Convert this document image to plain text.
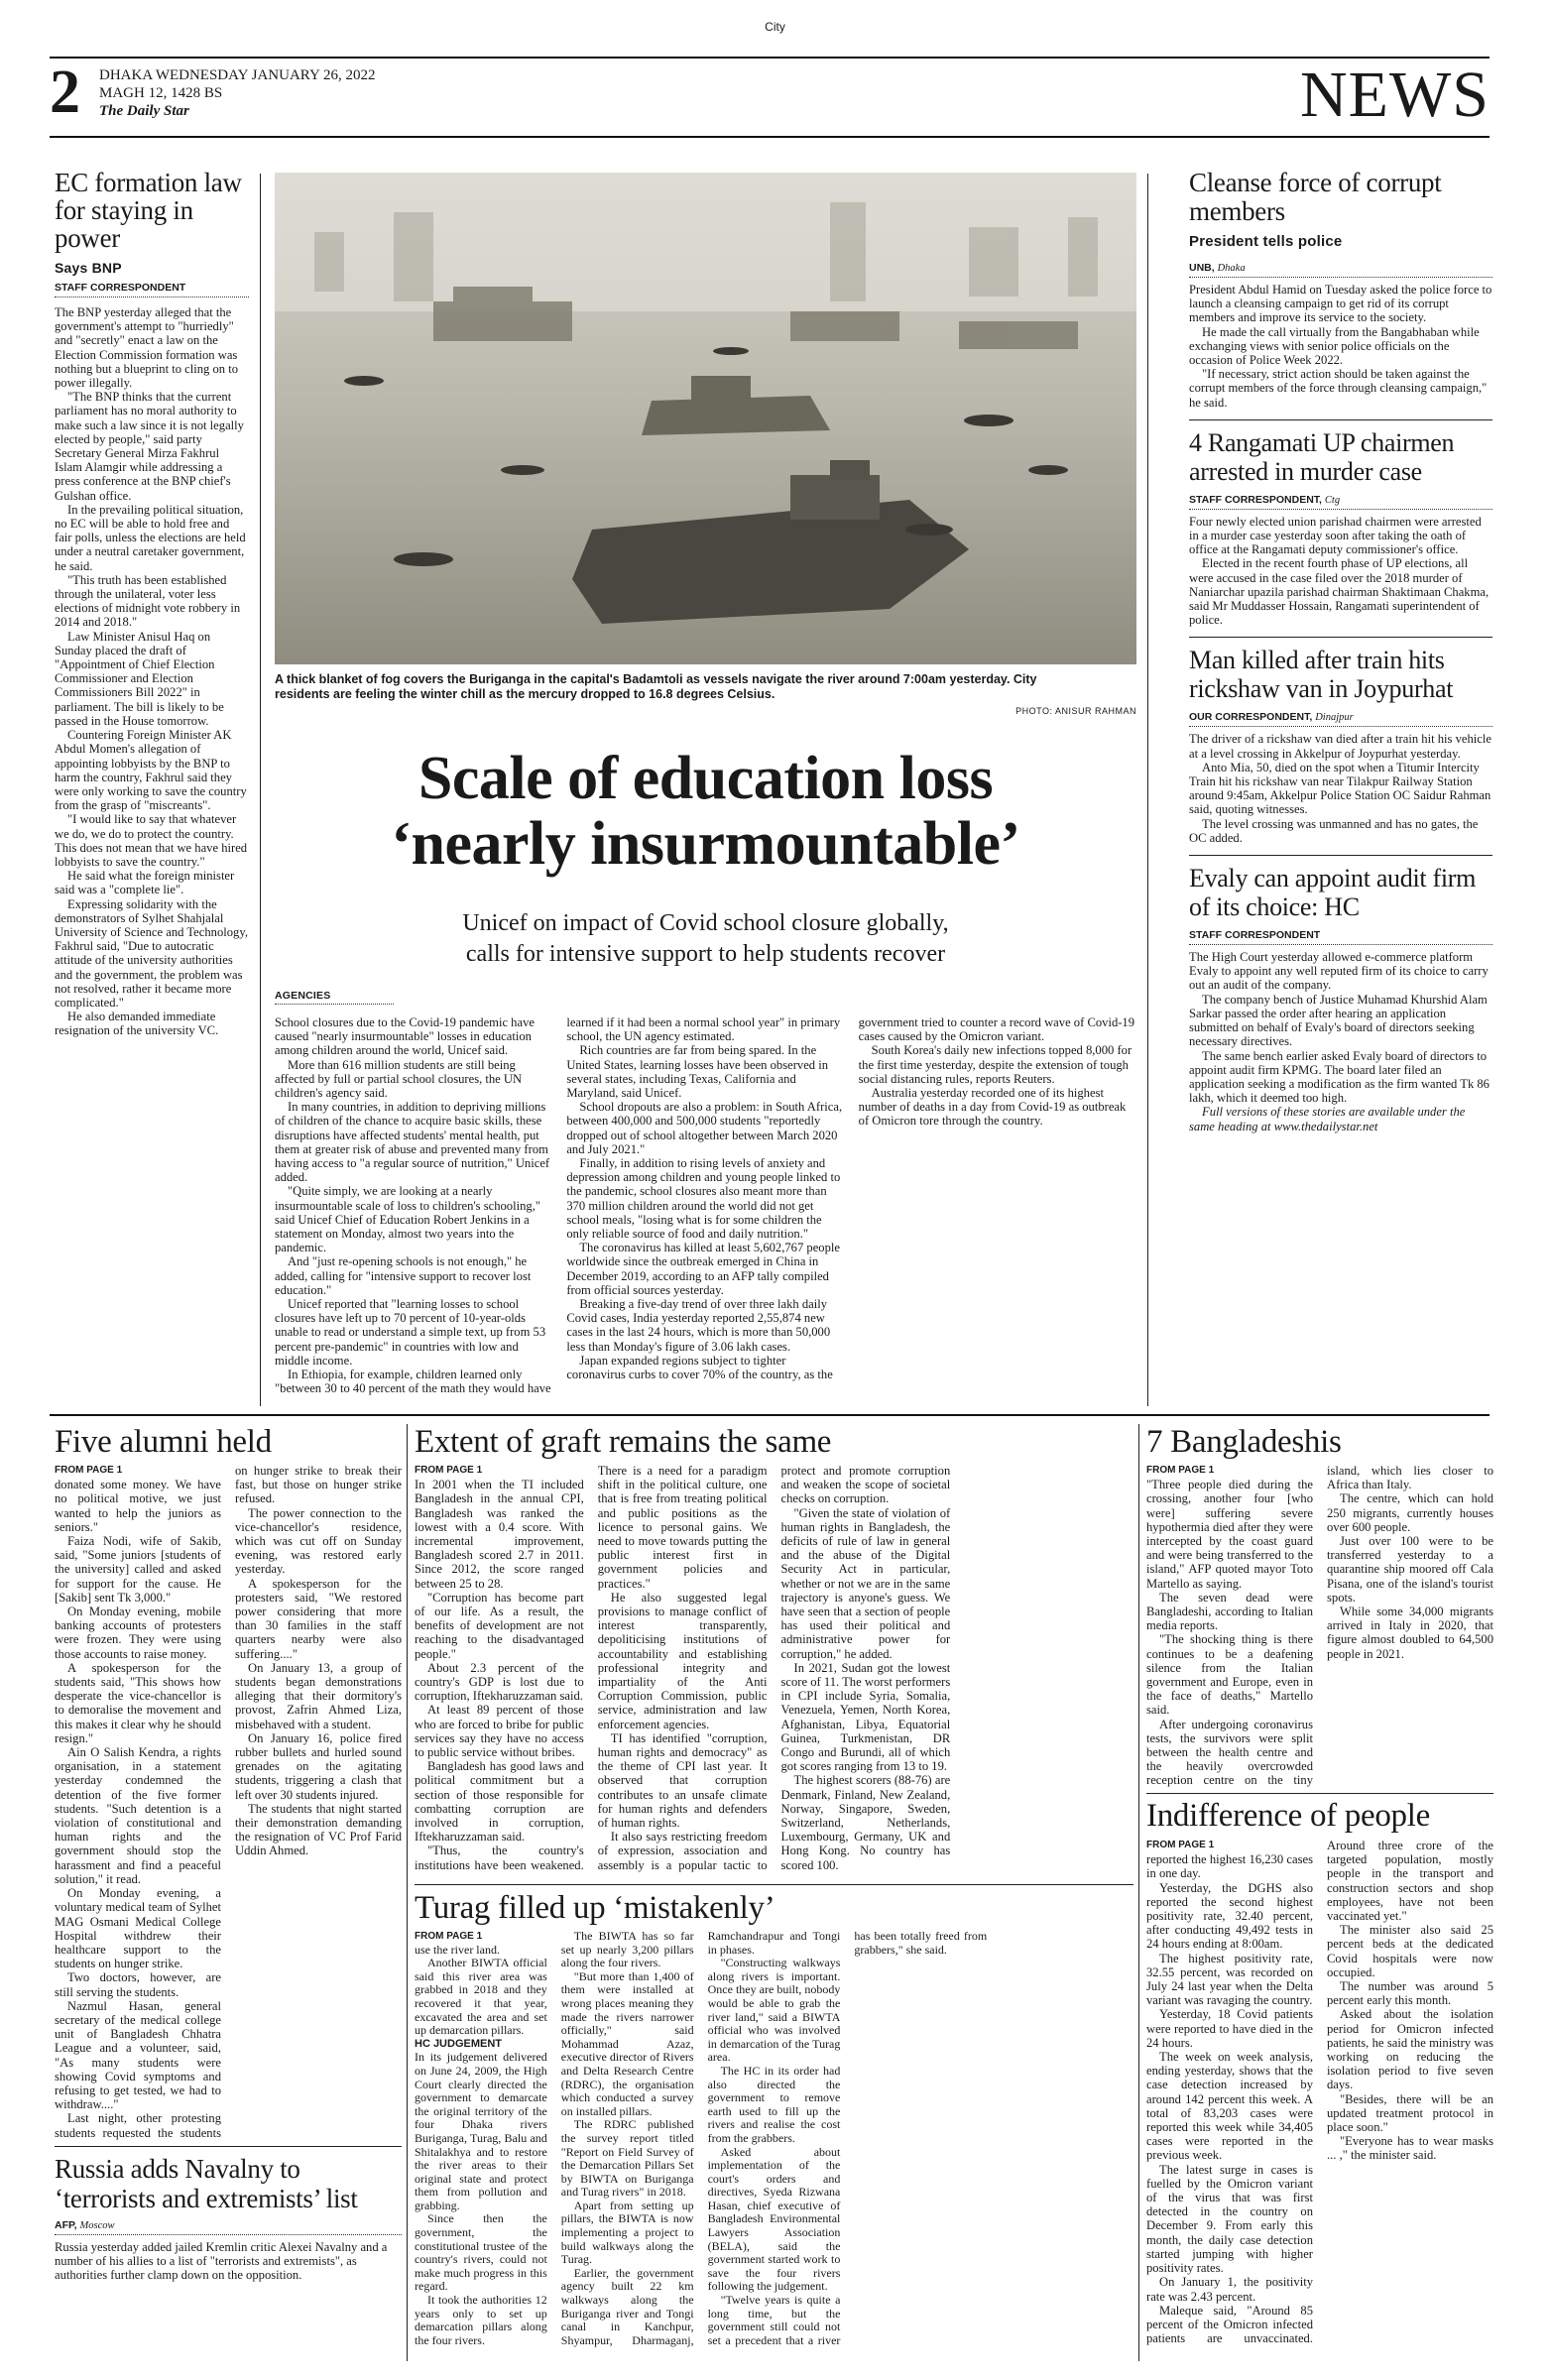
City
2 DHAKA WEDNESDAY JANUARY 26, 2022
MAGH 12, 1428 BS
The Daily Star	NEWS
EC formation law for staying in power
Says BNP
STAFF CORRESPONDENT

The BNP yesterday alleged that the government's attempt to "hurriedly" and "secretly" enact a law on the Election Commission formation was nothing but a blueprint to cling on to power illegally.

"The BNP thinks that the current parliament has no moral authority to make such a law since it is not legally elected by people," said party Secretary General Mirza Fakhrul Islam Alamgir while addressing a press conference at the BNP chief's Gulshan office.

In the prevailing political situation, no EC will be able to hold free and fair polls, unless the elections are held under a neutral caretaker government, he said.

"This truth has been established through the unilateral, voter less elections of midnight vote robbery in 2014 and 2018."

Law Minister Anisul Haq on Sunday placed the draft of "Appointment of Chief Election Commissioner and Election Commissioners Bill 2022" in parliament. The bill is likely to be passed in the House tomorrow.

Countering Foreign Minister AK Abdul Momen's allegation of appointing lobbyists by the BNP to harm the country, Fakhrul said they were only working to save the country from the grasp of "miscreants".

"I would like to say that whatever we do, we do to protect the country. This does not mean that we have hired lobbyists to save the country."

He said what the foreign minister said was a "complete lie".

Expressing solidarity with the demonstrators of Sylhet Shahjalal University of Science and Technology, Fakhrul said, "Due to autocratic attitude of the university authorities and the government, the problem was not resolved, rather it became more complicated."

He also demanded immediate resignation of the university VC.

A thick blanket of fog covers the Buriganga in the capital's Badamtoli as vessels navigate the river around 7:00am yesterday. City residents are feeling the winter chill as the mercury dropped to 16.8 degrees Celsius.
PHOTO: ANISUR RAHMAN
Scale of education loss
‘nearly insurmountable’
Unicef on impact of Covid school closure globally,
calls for intensive support to help students recover
AGENCIES

School closures due to the Covid-19 pandemic have caused "nearly insurmountable" losses in education among children around the world, Unicef said.

More than 616 million students are still being affected by full or partial school closures, the UN children's agency said.

In many countries, in addition to depriving millions of children of the chance to acquire basic skills, these disruptions have affected students' mental health, put them at greater risk of abuse and prevented many from having access to "a regular source of nutrition," Unicef added.

"Quite simply, we are looking at a nearly insurmountable scale of loss to children's schooling," said Unicef Chief of Education Robert Jenkins in a statement on Monday, almost two years into the pandemic.

And "just re-opening schools is not enough," he added, calling for "intensive support to recover lost education."

Unicef reported that "learning losses to school closures have left up to 70 percent of 10-year-olds unable to read or understand a simple text, up from 53 percent pre-pandemic" in countries with low and middle income.

In Ethiopia, for example, children learned only "between 30 to 40 percent of the math they would have learned if it had been a normal school year" in primary school, the UN agency estimated.

Rich countries are far from being spared. In the United States, learning losses have been observed in several states, including Texas, California and Maryland, said Unicef.

School dropouts are also a problem: in South Africa, between 400,000 and 500,000 students "reportedly dropped out of school altogether between March 2020 and July 2021."

Finally, in addition to rising levels of anxiety and depression among children and young people linked to the pandemic, school closures also meant more than 370 million children around the world did not get school meals, "losing what is for some children the only reliable source of food and daily nutrition."

The coronavirus has killed at least 5,602,767 people worldwide since the outbreak emerged in China in December 2019, according to an AFP tally compiled from official sources yesterday.

Breaking a five-day trend of over three lakh daily Covid cases, India yesterday reported 2,55,874 new cases in the last 24 hours, which is more than 50,000 less than Monday's figure of 3.06 lakh cases.

Japan expanded regions subject to tighter coronavirus curbs to cover 70% of the country, as the government tried to counter a record wave of Covid-19 cases caused by the Omicron variant.

South Korea's daily new infections topped 8,000 for the first time yesterday, despite the extension of tough social distancing rules, reports Reuters.

Australia yesterday recorded one of its highest number of deaths in a day from Covid-19 as outbreak of Omicron tore through the country.

Cleanse force of corrupt members
President tells police
UNB, Dhaka

President Abdul Hamid on Tuesday asked the police force to launch a cleansing campaign to get rid of its corrupt members and improve its service to the society.

He made the call virtually from the Bangabhaban while exchanging views with senior police officials on the occasion of Police Week 2022.

"If necessary, strict action should be taken against the corrupt members of the force through cleansing campaign," he said.

4 Rangamati UP chairmen arrested in murder case
STAFF CORRESPONDENT, Ctg

Four newly elected union parishad chairmen were arrested in a murder case yesterday soon after taking the oath of office at the Rangamati deputy commissioner's office.

Elected in the recent fourth phase of UP elections, all were accused in the case filed over the 2018 murder of Naniarchar upazila parishad chairman Shaktimaan Chakma, said Mr Muddasser Hossain, Rangamati superintendent of police.

Man killed after train hits rickshaw van in Joypurhat
OUR CORRESPONDENT, Dinajpur

The driver of a rickshaw van died after a train hit his vehicle at a level crossing in Akkelpur of Joypurhat yesterday.

Anto Mia, 50, died on the spot when a Titumir Intercity Train hit his rickshaw van near Tilakpur Railway Station around 9:45am, Akkelpur Police Station OC Saidur Rahman said, quoting witnesses.

The level crossing was unmanned and has no gates, the OC added.

Evaly can appoint audit firm of its choice: HC
STAFF CORRESPONDENT

The High Court yesterday allowed e-commerce platform Evaly to appoint any well reputed firm of its choice to carry out an audit of the company.

The company bench of Justice Muhamad Khurshid Alam Sarkar passed the order after hearing an application submitted on behalf of Evaly's board of directors seeking necessary directives.

The same bench earlier asked Evaly board of directors to appoint audit firm KPMG. The board later filed an application seeking a modification as the firm wanted Tk 86 lakh, which it deemed too high.

Full versions of these stories are available under the same heading at www.thedailystar.net

Five alumni held
FROM PAGE 1

donated some money. We have no political motive, we just wanted to help the juniors as seniors."

Faiza Nodi, wife of Sakib, said, "Some juniors [students of the university] called and asked for support for the cause. He [Sakib] sent Tk 3,000."

On Monday evening, mobile banking accounts of protesters were frozen. They were using those accounts to raise money.

A spokesperson for the students said, "This shows how desperate the vice-chancellor is to demoralise the movement and this makes it clear why he should resign."

Ain O Salish Kendra, a rights organisation, in a statement yesterday condemned the detention of the five former students. "Such detention is a violation of constitutional and human rights and the government should stop the harassment and find a peaceful solution," it read.

On Monday evening, a voluntary medical team of Sylhet MAG Osmani Medical College Hospital withdrew their healthcare support to the students on hunger strike.

Two doctors, however, are still serving the students.

Nazmul Hasan, general secretary of the medical college unit of Bangladesh Chhatra League and a volunteer, said, "As many students were showing Covid symptoms and refusing to get tested, we had to withdraw...."

Last night, other protesting students requested the students on hunger strike to break their fast, but those on hunger strike refused.

The power connection to the vice-chancellor's residence, which was cut off on Sunday evening, was restored early yesterday.

A spokesperson for the protesters said, "We restored power considering that more than 30 families in the staff quarters nearby were also suffering...."

On January 13, a group of students began demonstrations alleging that their dormitory's provost, Zafrin Ahmed Liza, misbehaved with a student.

On January 16, police fired rubber bullets and hurled sound grenades on the agitating students, triggering a clash that left over 30 students injured.

The students that night started their demonstration demanding the resignation of VC Prof Farid Uddin Ahmed.

Russia adds Navalny to ‘terrorists and extremists’ list
AFP, Moscow

Russia yesterday added jailed Kremlin critic Alexei Navalny and a number of his allies to a list of "terrorists and extremists", as authorities further clamp down on the opposition.

Extent of graft remains the same
FROM PAGE 1

In 2001 when the TI included Bangladesh in the annual CPI, Bangladesh was ranked the lowest with a 0.4 score. With incremental improvement, Bangladesh scored 2.7 in 2011. Since 2012, the score ranged between 25 to 28.

"Corruption has become part of our life. As a result, the benefits of development are not reaching to the disadvantaged people."

About 2.3 percent of the country's GDP is lost due to corruption, Iftekharuzzaman said.

At least 89 percent of those who are forced to bribe for public services say they have no access to public service without bribes.

Bangladesh has good laws and political commitment but a section of those responsible for combatting corruption are involved in corruption, Iftekharuzzaman said.

"Thus, the country's institutions have been weakened. There is a need for a paradigm shift in the political culture, one that is free from treating political and public positions as the licence to personal gains. We need to move towards putting the public interest first in government policies and practices."

He also suggested legal provisions to manage conflict of interest transparently, depoliticising institutions of accountability and establishing professional integrity and impartiality of the Anti Corruption Commission, public service, administration and law enforcement agencies.

TI has identified "corruption, human rights and democracy" as the theme of CPI last year. It observed that corruption contributes to an unsafe climate for human rights and defenders of human rights.

It also says restricting freedom of expression, association and assembly is a popular tactic to protect and promote corruption and weaken the scope of societal checks on corruption.

"Given the state of violation of human rights in Bangladesh, the deficits of rule of law in general and the abuse of the Digital Security Act in particular, whether or not we are in the same trajectory is anyone's guess. We have seen that a section of people has used their political and administrative power for corruption," he added.

In 2021, Sudan got the lowest score of 11. The worst performers in CPI include Syria, Somalia, Venezuela, Yemen, North Korea, Afghanistan, Libya, Equatorial Guinea, Turkmenistan, DR Congo and Burundi, all of which got scores ranging from 13 to 19.

The highest scorers (88-76) are Denmark, Finland, New Zealand, Norway, Singapore, Sweden, Switzerland, Netherlands, Luxembourg, Germany, UK and Hong Kong. No country has scored 100.

Turag filled up ‘mistakenly’
FROM PAGE 1

use the river land.

Another BIWTA official said this river area was grabbed in 2018 and they recovered it that year, excavated the area and set up demarcation pillars.

HC JUDGEMENT

In its judgement delivered on June 24, 2009, the High Court clearly directed the government to demarcate the original territory of the four Dhaka rivers Buriganga, Turag, Balu and Shitalakhya and to restore the river areas to their original state and protect them from pollution and grabbing.

Since then the government, the constitutional trustee of the country's rivers, could not make much progress in this regard.

It took the authorities 12 years only to set up demarcation pillars along the four rivers.

The BIWTA has so far set up nearly 3,200 pillars along the four rivers.

"But more than 1,400 of them were installed at wrong places meaning they made the rivers narrower officially," said Mohammad Azaz, executive director of Rivers and Delta Research Centre (RDRC), the organisation which conducted a survey on installed pillars.

The RDRC published the survey report titled "Report on Field Survey of the Demarcation Pillars Set by BIWTA on Buriganga and Turag rivers" in 2018.

Apart from setting up pillars, the BIWTA is now implementing a project to build walkways along the Turag.

Earlier, the government agency built 22 km walkways along the Buriganga river and Tongi canal in Kanchpur, Shyampur, Dharmaganj, Ramchandrapur and Tongi in phases.

"Constructing walkways along rivers is important. Once they are built, nobody would be able to grab the river land," said a BIWTA official who was involved in demarcation of the Turag area.

The HC in its order had also directed the government to remove earth used to fill up the rivers and realise the cost from the grabbers.

Asked about implementation of the court's orders and directives, Syeda Rizwana Hasan, chief executive of Bangladesh Environmental Lawyers Association (BELA), said the government started work to save the four rivers following the judgement.

"Twelve years is quite a long time, but the government still could not set a precedent that a river has been totally freed from grabbers," she said.

7 Bangladeshis
FROM PAGE 1

"Three people died during the crossing, another four [who were] suffering severe hypothermia died after they were intercepted by the coast guard and were being transferred to the island," AFP quoted mayor Toto Martello as saying.

The seven dead were Bangladeshi, according to Italian media reports.

"The shocking thing is there continues to be a deafening silence from the Italian government and Europe, even in the face of deaths," Martello said.

After undergoing coronavirus tests, the survivors were split between the health centre and the heavily overcrowded reception centre on the tiny island, which lies closer to Africa than Italy.

The centre, which can hold 250 migrants, currently houses over 600 people.

Just over 100 were to be transferred yesterday to a quarantine ship moored off Cala Pisana, one of the island's tourist spots.

While some 34,000 migrants arrived in Italy in 2020, that figure almost doubled to 64,500 people in 2021.

Indifference of people
FROM PAGE 1

reported the highest 16,230 cases in one day.

Yesterday, the DGHS also reported the second highest positivity rate, 32.40 percent, after conducting 49,492 tests in 24 hours ending at 8:00am.

The highest positivity rate, 32.55 percent, was recorded on July 24 last year when the Delta variant was ravaging the country.

Yesterday, 18 Covid patients were reported to have died in the 24 hours.

The week on week analysis, ending yesterday, shows that the case detection increased by around 142 percent this week. A total of 83,203 cases were reported this week while 34,405 cases were reported in the previous week.

The latest surge in cases is fuelled by the Omicron variant of the virus that was first detected in the country on December 9. From early this month, the daily case detection started jumping with higher positivity rates.

On January 1, the positivity rate was 2.43 percent.

Maleque said, "Around 85 percent of the Omicron infected patients are unvaccinated. Around three crore of the targeted population, mostly people in the transport and construction sectors and shop employees, have not been vaccinated yet."

The minister also said 25 percent beds at the dedicated Covid hospitals were now occupied.

The number was around 5 percent early this month.

Asked about the isolation period for Omicron infected patients, he said the ministry was working on reducing the isolation period to five seven days.

"Besides, there will be an updated treatment protocol in place soon."

"Everyone has to wear masks ... ," the minister said.
